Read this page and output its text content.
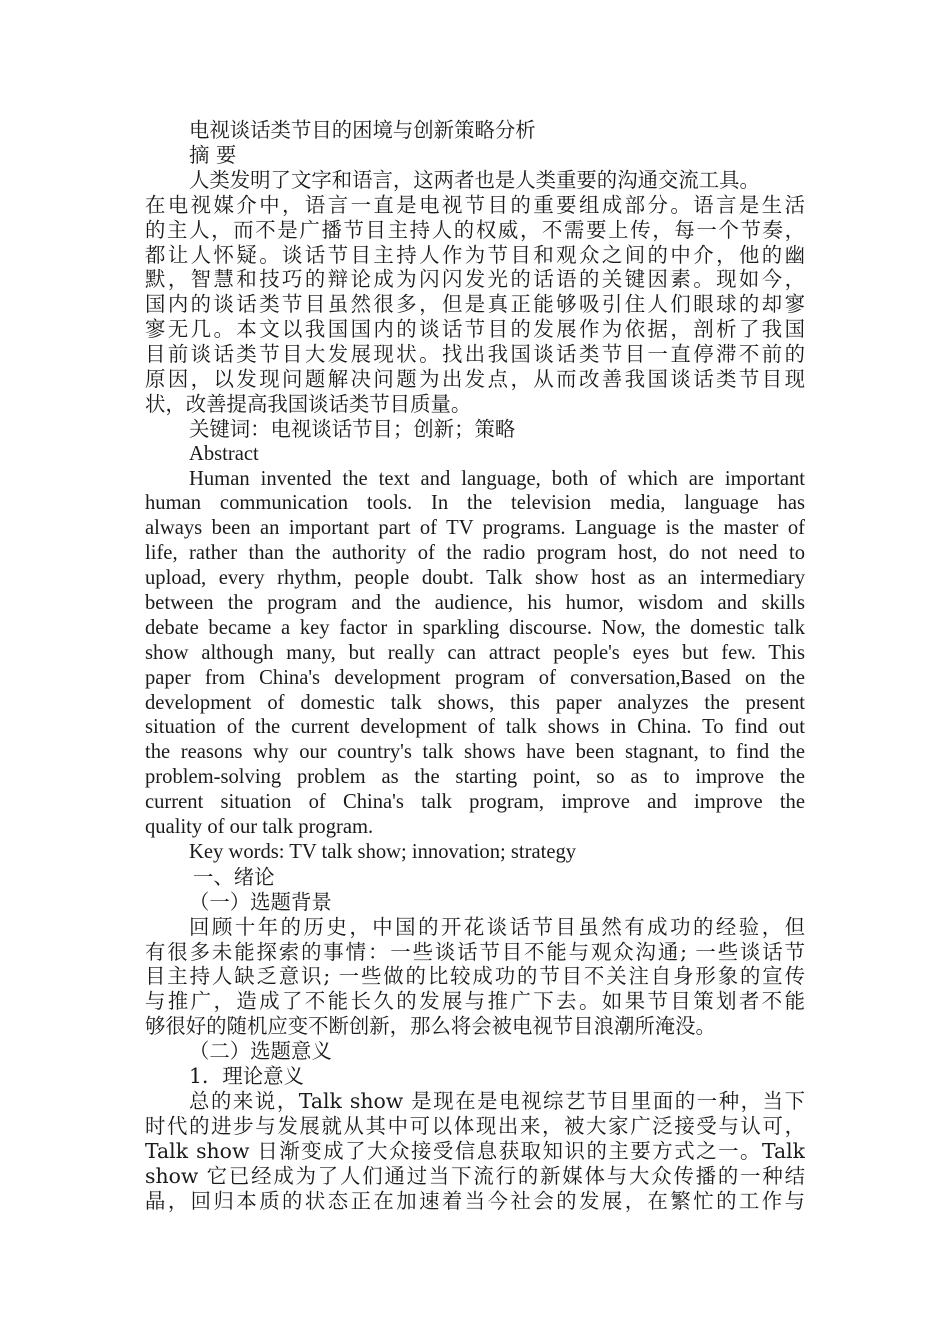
电视谈话类节目的困境与创新策略分析

摘 要

人类发明了文字和语言，这两者也是人类重要的沟通交流工具。

在电视媒介中，语言一直是电视节目的重要组成部分。语言是生活

的主人，而不是广播节目主持人的权威，不需要上传，每一个节奏，

都让人怀疑。谈话节目主持人作为节目和观众之间的中介，他的幽

默，智慧和技巧的辩论成为闪闪发光的话语的关键因素。现如今，

国内的谈话类节目虽然很多，但是真正能够吸引住人们眼球的却寥

寥无几。本文以我国国内的谈话节目的发展作为依据，剖析了我国

目前谈话类节目大发展现状。找出我国谈话类节目一直停滞不前的

原因，以发现问题解决问题为出发点，从而改善我国谈话类节目现

状，改善提高我国谈话类节目质量。

关键词：电视谈话节目；创新；策略

Abstract

Human invented the text and language, both of which are important

human communication tools. In the television media, language has

always been an important part of TV programs. Language is the master of

life, rather than the authority of the radio program host, do not need to

upload, every rhythm, people doubt. Talk show host as an intermediary

between the program and the audience, his humor, wisdom and skills

debate became a key factor in sparkling discourse. Now, the domestic talk

show although many, but really can attract people's eyes but few. This

paper from China's development program of conversation,Based on the

development of domestic talk shows, this paper analyzes the present

situation of the current development of talk shows in China. To find out

the reasons why our country's talk shows have been stagnant, to find the

problem-solving problem as the starting point, so as to improve the

current situation of China's talk program, improve and improve the

quality of our talk program.

Key words: TV talk show; innovation; strategy

一、绪论

（一）选题背景

回顾十年的历史，中国的开花谈话节目虽然有成功的经验，但

有很多未能探索的事情：一些谈话节目不能与观众沟通; 一些谈话节

目主持人缺乏意识; 一些做的比较成功的节目不关注自身形象的宣传

与推广，造成了不能长久的发展与推广下去。如果节目策划者不能

够很好的随机应变不断创新，那么将会被电视节目浪潮所淹没。

（二）选题意义

1．理论意义

总的来说，Talk show 是现在是电视综艺节目里面的一种，当下

时代的进步与发展就从其中可以体现出来，被大家广泛接受与认可，

Talk show 日渐变成了大众接受信息获取知识的主要方式之一。Talk

show 它已经成为了人们通过当下流行的新媒体与大众传播的一种结

晶，回归本质的状态正在加速着当今社会的发展，在繁忙的工作与
